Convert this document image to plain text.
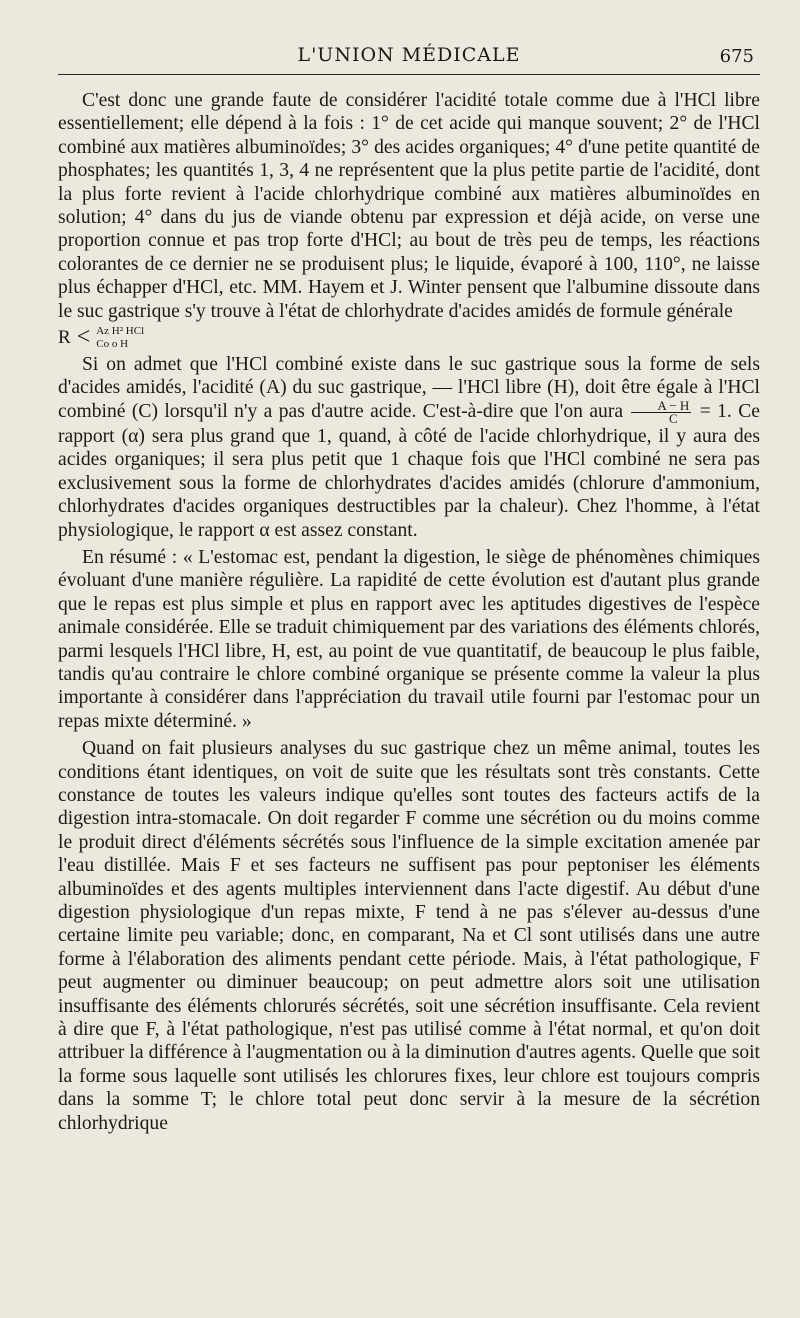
L'UNION MÉDICALE	675

C'est donc une grande faute de considérer l'acidité totale comme due à l'HCl libre essentiellement; elle dépend à la fois : 1° de cet acide qui manque souvent; 2° de l'HCl combiné aux matières albuminoïdes; 3° des acides organiques; 4° d'une petite quantité de phosphates; les quantités 1, 3, 4 ne représentent que la plus petite partie de l'acidité, dont la plus forte revient à l'acide chlorhydrique combiné aux matières albuminoïdes en solution; 4° dans du jus de viande obtenu par expression et déjà acide, on verse une proportion connue et pas trop forte d'HCl; au bout de très peu de temps, les réactions colorantes de ce dernier ne se produisent plus; le liquide, évaporé à 100, 110°, ne laisse plus échapper d'HCl, etc. MM. Hayem et J. Winter pensent que l'albumine dissoute dans le suc gastrique s'y trouve à l'état de chlorhydrate d'acides amidés de formule générale

R < Az H² HCl
Co o H

Si on admet que l'HCl combiné existe dans le suc gastrique sous la forme de sels d'acides amidés, l'acidité (A) du suc gastrique, — l'HCl libre (H), doit être égale à l'HCl combiné (C) lorsqu'il n'y a pas d'autre acide. C'est-à-dire que l'on aura $\frac{A - H}{C} = 1$. Ce rapport (α) sera plus grand que 1, quand, à côté de l'acide chlorhydrique, il y aura des acides organiques; il sera plus petit que 1 chaque fois que l'HCl combiné ne sera pas exclusivement sous la forme de chlorhydrates d'acides amidés (chlorure d'ammonium, chlorhydrates d'acides organiques destructibles par la chaleur). Chez l'homme, à l'état physiologique, le rapport α est assez constant.

En résumé : « L'estomac est, pendant la digestion, le siège de phénomènes chimiques évoluant d'une manière régulière. La rapidité de cette évolution est d'autant plus grande que le repas est plus simple et plus en rapport avec les aptitudes digestives de l'espèce animale considérée. Elle se traduit chimiquement par des variations des éléments chlorés, parmi lesquels l'HCl libre, H, est, au point de vue quantitatif, de beaucoup le plus faible, tandis qu'au contraire le chlore combiné organique se présente comme la valeur la plus importante à considérer dans l'appréciation du travail utile fourni par l'estomac pour un repas mixte déterminé. »

Quand on fait plusieurs analyses du suc gastrique chez un même animal, toutes les conditions étant identiques, on voit de suite que les résultats sont très constants. Cette constance de toutes les valeurs indique qu'elles sont toutes des facteurs actifs de la digestion intra-stomacale. On doit regarder F comme une sécrétion ou du moins comme le produit direct d'éléments sécrétés sous l'influence de la simple excitation amenée par l'eau distillée. Mais F et ses facteurs ne suffisent pas pour peptoniser les éléments albuminoïdes et des agents multiples interviennent dans l'acte digestif. Au début d'une digestion physiologique d'un repas mixte, F tend à ne pas s'élever au-dessus d'une certaine limite peu variable; donc, en comparant, Na et Cl sont utilisés dans une autre forme à l'élaboration des aliments pendant cette période. Mais, à l'état pathologique, F peut augmenter ou diminuer beaucoup; on peut admettre alors soit une utilisation insuffisante des éléments chlorurés sécrétés, soit une sécrétion insuffisante. Cela revient à dire que F, à l'état pathologique, n'est pas utilisé comme à l'état normal, et qu'on doit attribuer la différence à l'augmentation ou à la diminution d'autres agents. Quelle que soit la forme sous laquelle sont utilisés les chlorures fixes, leur chlore est toujours compris dans la somme T; le chlore total peut donc servir à la mesure de la sécrétion chlorhydrique
